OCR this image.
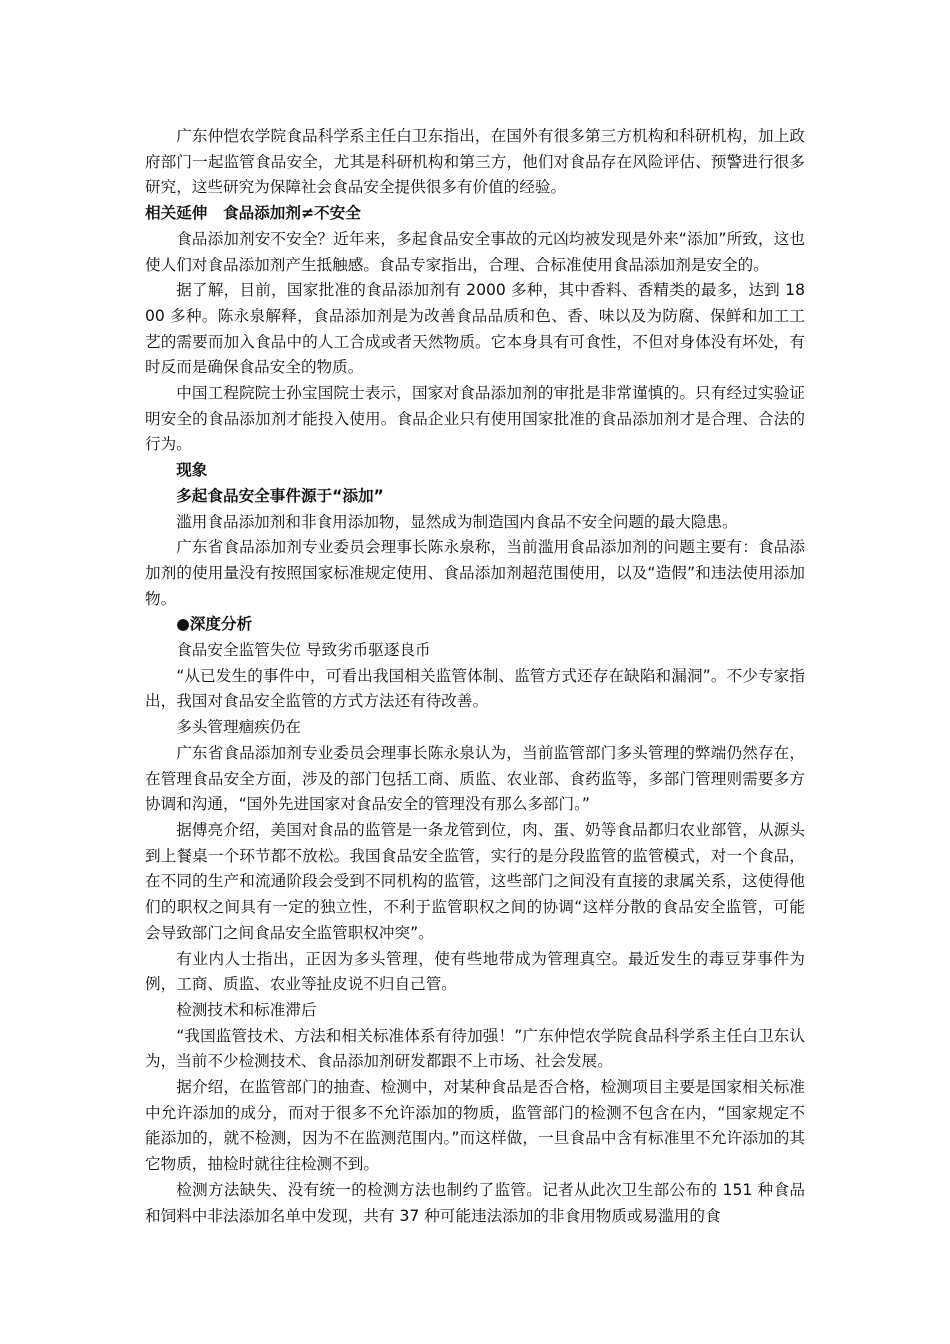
广东仲恺农学院食品科学系主任白卫东指出，在国外有很多第三方机构和科研机构，加上政府部门一起监管食品安全，尤其是科研机构和第三方，他们对食品存在风险评估、预警进行很多研究，这些研究为保障社会食品安全提供很多有价值的经验。

相关延伸　食品添加剂≠不安全

食品添加剂安不安全？近年来，多起食品安全事故的元凶均被发现是外来“添加”所致，这也使人们对食品添加剂产生抵触感。食品专家指出，合理、合标准使用食品添加剂是安全的。

据了解，目前，国家批准的食品添加剂有 2000 多种，其中香料、香精类的最多，达到 1800 多种。陈永泉解释，食品添加剂是为改善食品品质和色、香、味以及为防腐、保鲜和加工工艺的需要而加入食品中的人工合成或者天然物质。它本身具有可食性，不但对身体没有坏处，有时反而是确保食品安全的物质。

中国工程院院士孙宝国院士表示，国家对食品添加剂的审批是非常谨慎的。只有经过实验证明安全的食品添加剂才能投入使用。食品企业只有使用国家批准的食品添加剂才是合理、合法的行为。

现象

多起食品安全事件源于“添加”

滥用食品添加剂和非食用添加物，显然成为制造国内食品不安全问题的最大隐患。

广东省食品添加剂专业委员会理事长陈永泉称，当前滥用食品添加剂的问题主要有：食品添加剂的使用量没有按照国家标准规定使用、食品添加剂超范围使用，以及“造假”和违法使用添加物。

●深度分析

食品安全监管失位 导致劣币驱逐良币

“从已发生的事件中，可看出我国相关监管体制、监管方式还存在缺陷和漏洞”。不少专家指出，我国对食品安全监管的方式方法还有待改善。

多头管理痼疾仍在

广东省食品添加剂专业委员会理事长陈永泉认为，当前监管部门多头管理的弊端仍然存在，在管理食品安全方面，涉及的部门包括工商、质监、农业部、食药监等，多部门管理则需要多方协调和沟通，“国外先进国家对食品安全的管理没有那么多部门。”

据傅亮介绍，美国对食品的监管是一条龙管到位，肉、蛋、奶等食品都归农业部管，从源头到上餐桌一个环节都不放松。我国食品安全监管，实行的是分段监管的监管模式，对一个食品，在不同的生产和流通阶段会受到不同机构的监管，这些部门之间没有直接的隶属关系，这使得他们的职权之间具有一定的独立性，不利于监管职权之间的协调“这样分散的食品安全监管，可能会导致部门之间食品安全监管职权冲突”。

有业内人士指出，正因为多头管理，使有些地带成为管理真空。最近发生的毒豆芽事件为例，工商、质监、农业等扯皮说不归自己管。

检测技术和标准滞后

“我国监管技术、方法和相关标准体系有待加强！”广东仲恺农学院食品科学系主任白卫东认为，当前不少检测技术、食品添加剂研发都跟不上市场、社会发展。

据介绍，在监管部门的抽查、检测中，对某种食品是否合格，检测项目主要是国家相关标准中允许添加的成分，而对于很多不允许添加的物质，监管部门的检测不包含在内，“国家规定不能添加的，就不检测，因为不在监测范围内。”而这样做，一旦食品中含有标准里不允许添加的其它物质，抽检时就往往检测不到。

检测方法缺失、没有统一的检测方法也制约了监管。记者从此次卫生部公布的 151 种食品和饲料中非法添加名单中发现，共有 37 种可能违法添加的非食用物质或易滥用的食
